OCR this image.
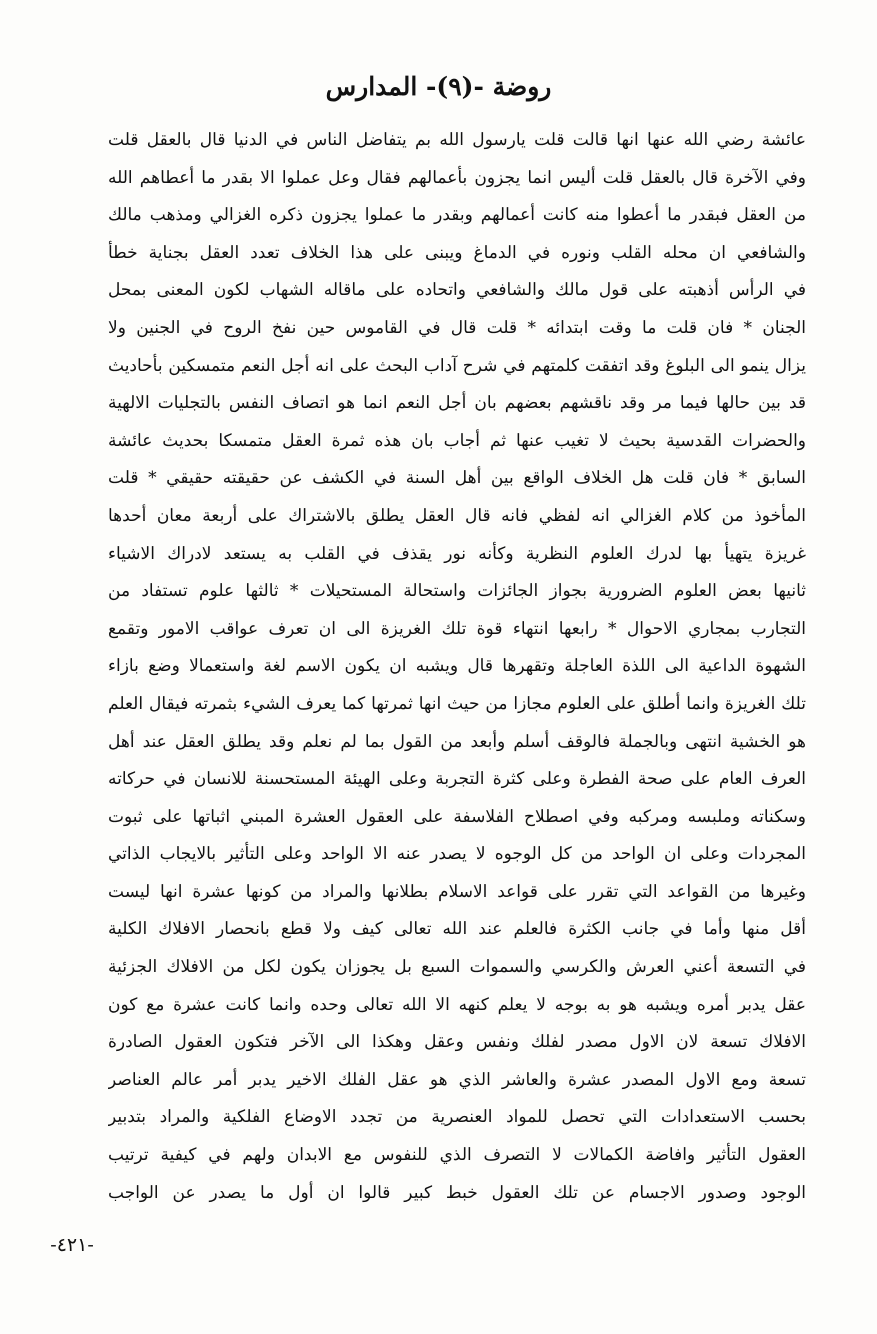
روضة -(٩)- المدارس
عائشة رضي الله عنها انها قالت قلت يارسول الله بم يتفاضل الناس في الدنيا قال بالعقل قلت
وفي الآخرة قال بالعقل قلت أليس انما يجزون بأعمالهم فقال وعل عملوا الا بقدر ما أعطاهم الله
من العقل فبقدر ما أعطوا منه كانت أعمالهم وبقدر ما عملوا يجزون ذكره الغزالي ومذهب مالك
والشافعي ان محله القلب ونوره في الدماغ ويبنى على هذا الخلاف تعدد العقل بجناية خطأ
في الرأس أذهبته على قول مالك والشافعي واتحاده على ماقاله الشهاب لكون المعنى بمحل
الجنان * فان قلت ما وقت ابتدائه * قلت قال في القاموس حين نفخ الروح في الجنين ولا
يزال ينمو الى البلوغ وقد اتفقت كلمتهم في شرح آداب البحث على انه أجل النعم متمسكين بأحاديث
قد بين حالها فيما مر وقد ناقشهم بعضهم بان أجل النعم انما هو اتصاف النفس بالتجليات الالهية
والحضرات القدسية بحيث لا تغيب عنها ثم أجاب بان هذه ثمرة العقل متمسكا بحديث عائشة
السابق * فان قلت هل الخلاف الواقع بين أهل السنة في الكشف عن حقيقته حقيقي * قلت
المأخوذ من كلام الغزالي انه لفظي فانه قال العقل يطلق بالاشتراك على أربعة معان أحدها
غريزة يتهيأ بها لدرك العلوم النظرية وكأنه نور يقذف في القلب به يستعد لادراك الاشياء
ثانيها بعض العلوم الضرورية بجواز الجائزات واستحالة المستحيلات * ثالثها علوم تستفاد من
التجارب بمجاري الاحوال * رابعها انتهاء قوة تلك الغريزة الى ان تعرف عواقب الامور وتقمع
الشهوة الداعية الى اللذة العاجلة وتقهرها قال ويشبه ان يكون الاسم لغة واستعمالا وضع بازاء
تلك الغريزة وانما أطلق على العلوم مجازا من حيث انها ثمرتها كما يعرف الشيء بثمرته فيقال العلم
هو الخشية انتهى وبالجملة فالوقف أسلم وأبعد من القول بما لم نعلم وقد يطلق العقل عند أهل
العرف العام على صحة الفطرة وعلى كثرة التجربة وعلى الهيئة المستحسنة للانسان في حركاته
وسكناته وملبسه ومركبه وفي اصطلاح الفلاسفة على العقول العشرة المبني اثباتها على ثبوت
المجردات وعلى ان الواحد من كل الوجوه لا يصدر عنه الا الواحد وعلى التأثير بالايجاب الذاتي
وغيرها من القواعد التي تقرر على قواعد الاسلام بطلانها والمراد من كونها عشرة انها ليست
أقل منها وأما في جانب الكثرة فالعلم عند الله تعالى كيف ولا قطع بانحصار الافلاك الكلية
في التسعة أعني العرش والكرسي والسموات السبع بل يجوزان يكون لكل من الافلاك الجزئية
عقل يدبر أمره ويشبه هو به بوجه لا يعلم كنهه الا الله تعالى وحده وانما كانت عشرة مع كون
الافلاك تسعة لان الاول مصدر لفلك ونفس وعقل وهكذا الى الآخر فتكون العقول الصادرة
تسعة ومع الاول المصدر عشرة والعاشر الذي هو عقل الفلك الاخير يدبر أمر عالم العناصر
بحسب الاستعدادات التي تحصل للمواد العنصرية من تجدد الاوضاع الفلكية والمراد بتدبير
العقول التأثير وافاضة الكمالات لا التصرف الذي للنفوس مع الابدان ولهم في كيفية ترتيب
الوجود وصدور الاجسام عن تلك العقول خبط كبير قالوا ان أول ما يصدر عن الواجب
-٤٢١-
